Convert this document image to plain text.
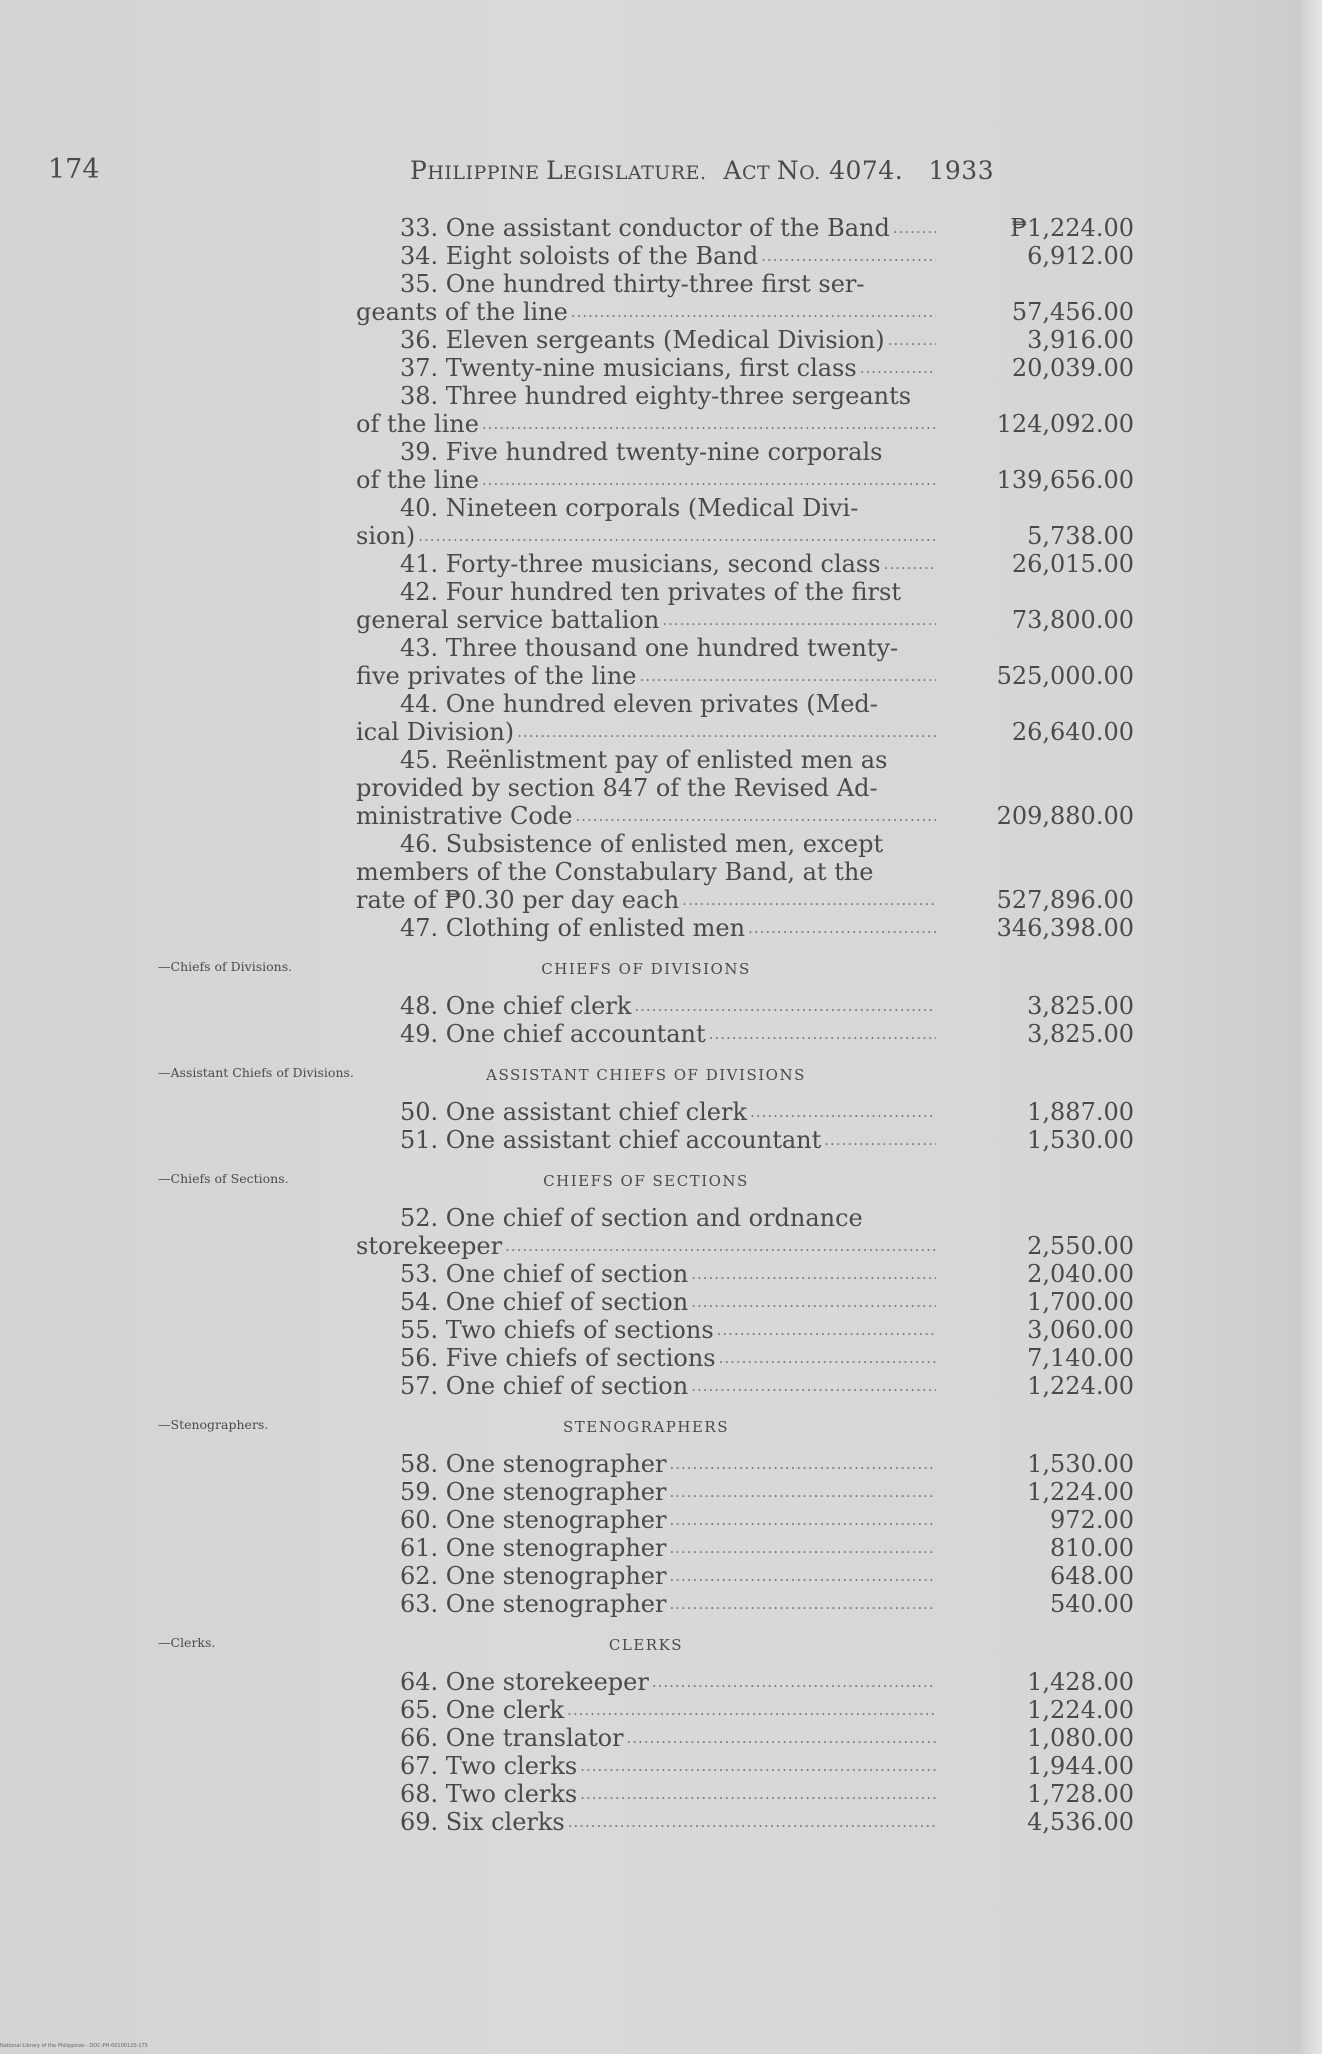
174	PHILIPPINE LEGISLATURE.  ACT NO. 4074.   1933
33. One assistant conductor of the Band .....	₱1,224.00
34. Eight soloists of the Band .....	6,912.00
35. One hundred thirty-three first ser-
geants of the line .....	57,456.00
36. Eleven sergeants (Medical Division) .....	3,916.00
37. Twenty-nine musicians, first class .....	20,039.00
38. Three hundred eighty-three sergeants
of the line .....	124,092.00
39. Five hundred twenty-nine corporals
of the line .....	139,656.00
40. Nineteen corporals (Medical Divi-
sion) .....	5,738.00
41. Forty-three musicians, second class .....	26,015.00
42. Four hundred ten privates of the first
general service battalion .....	73,800.00
43. Three thousand one hundred twenty-
five privates of the line .....	525,000.00
44. One hundred eleven privates (Med-
ical Division) .....	26,640.00
45. Reënlistment pay of enlisted men as
provided by section 847 of the Revised Ad-
ministrative Code .....	209,880.00
46. Subsistence of enlisted men, except
members of the Constabulary Band, at the
rate of ₱0.30 per day each .....	527,896.00
47. Clothing of enlisted men .....	346,398.00
—Chiefs of Divisions.	CHIEFS OF DIVISIONS
48. One chief clerk .....	3,825.00
49. One chief accountant .....	3,825.00
—Assistant Chiefs of Divisions.	ASSISTANT CHIEFS OF DIVISIONS
50. One assistant chief clerk .....	1,887.00
51. One assistant chief accountant .....	1,530.00
—Chiefs of Sections.	CHIEFS OF SECTIONS
52. One chief of section and ordnance
storekeeper .....	2,550.00
53. One chief of section .....	2,040.00
54. One chief of section .....	1,700.00
55. Two chiefs of sections .....	3,060.00
56. Five chiefs of sections .....	7,140.00
57. One chief of section .....	1,224.00
—Stenographers.	STENOGRAPHERS
58. One stenographer .....	1,530.00
59. One stenographer .....	1,224.00
60. One stenographer .....	972.00
61. One stenographer .....	810.00
62. One stenographer .....	648.00
63. One stenographer .....	540.00
—Clerks.	CLERKS
64. One storekeeper .....	1,428.00
65. One clerk .....	1,224.00
66. One translator .....	1,080.00
67. Two clerks .....	1,944.00
68. Two clerks .....	1,728.00
69. Six clerks .....	4,536.00
National Library of the Philippines · DOC-PH-00100120-175
